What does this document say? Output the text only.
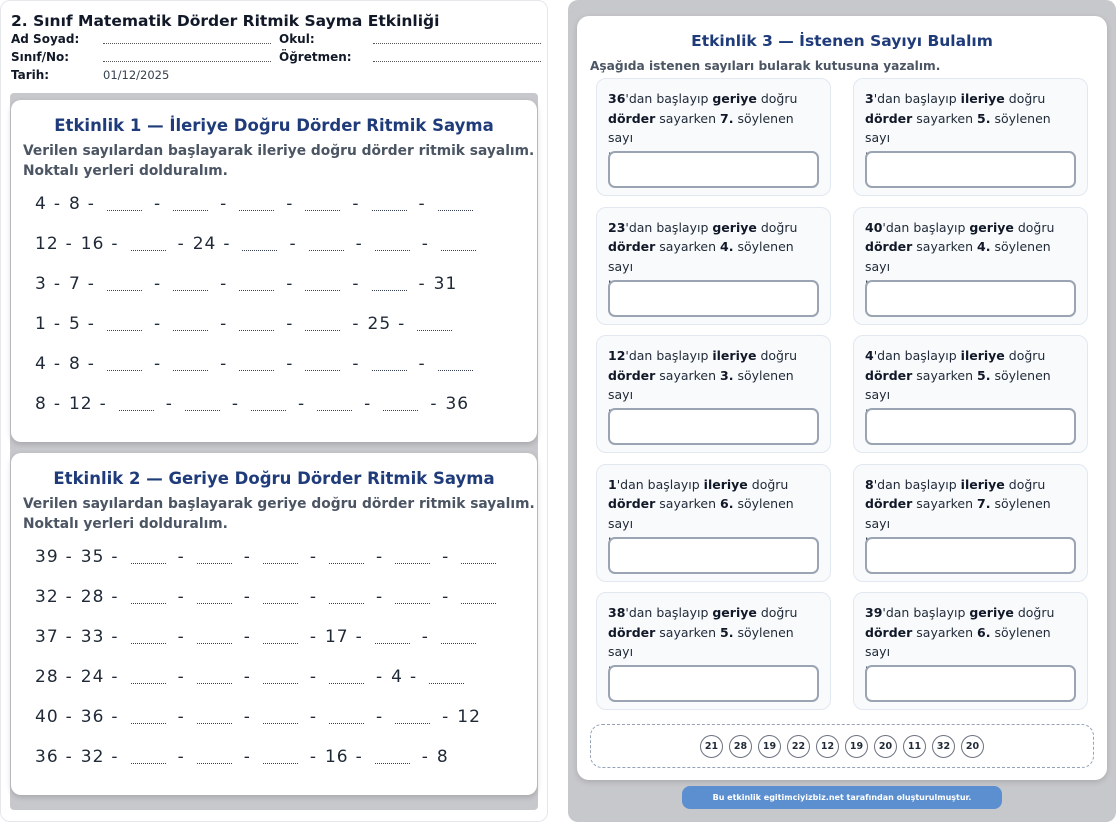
2. Sınıf Matematik Dörder Ritmik Sayma Etkinliği
Ad Soyad:	Okul:
Sınıf/No:	Öğretmen:
Tarih:	01/12/2025
Etkinlik 1 — İleriye Doğru Dörder Ritmik Sayma
Verilen sayılardan başlayarak ileriye doğru dörder ritmik sayalım.
Noktalı yerleri dolduralım.
4 - 8 -	-	-	-	-	-
12 - 16 -	- 24 -	-	-	-
3 - 7 -	-	-	-	-	- 31
1 - 5 -	-	-	-	- 25 -
4 - 8 -	-	-	-	-	-
8 - 12 -	-	-	-	-	- 36
Etkinlik 2 — Geriye Doğru Dörder Ritmik Sayma
Verilen sayılardan başlayarak geriye doğru dörder ritmik sayalım.
Noktalı yerleri dolduralım.
39 - 35 -	-	-	-	-	-
32 - 28 -	-	-	-	-	-
37 - 33 -	-	-	- 17 -	-
28 - 24 -	-	-	-	- 4 -
40 - 36 -	-	-	-	-	- 12
36 - 32 -	-	-	- 16 -	- 8
Etkinlik 3 — İstenen Sayıyı Bulalım
Aşağıda istenen sayıları bularak kutusuna yazalım.
36'dan başlayıp geriye doğru
dörder sayarken 7. söylenen sayı

3'dan başlayıp ileriye doğru
dörder sayarken 5. söylenen sayı

23'dan başlayıp geriye doğru
dörder sayarken 4. söylenen sayı

40'dan başlayıp geriye doğru
dörder sayarken 4. söylenen sayı

12'dan başlayıp ileriye doğru
dörder sayarken 3. söylenen sayı

4'dan başlayıp ileriye doğru
dörder sayarken 5. söylenen sayı

1'dan başlayıp ileriye doğru
dörder sayarken 6. söylenen sayı

8'dan başlayıp ileriye doğru
dörder sayarken 7. söylenen sayı

38'dan başlayıp geriye doğru
dörder sayarken 5. söylenen sayı

39'dan başlayıp geriye doğru
dörder sayarken 6. söylenen sayı

21	28	19	22	12	19	20	11	32	20
Bu etkinlik egitimciyizbiz.net tarafından oluşturulmuştur.
